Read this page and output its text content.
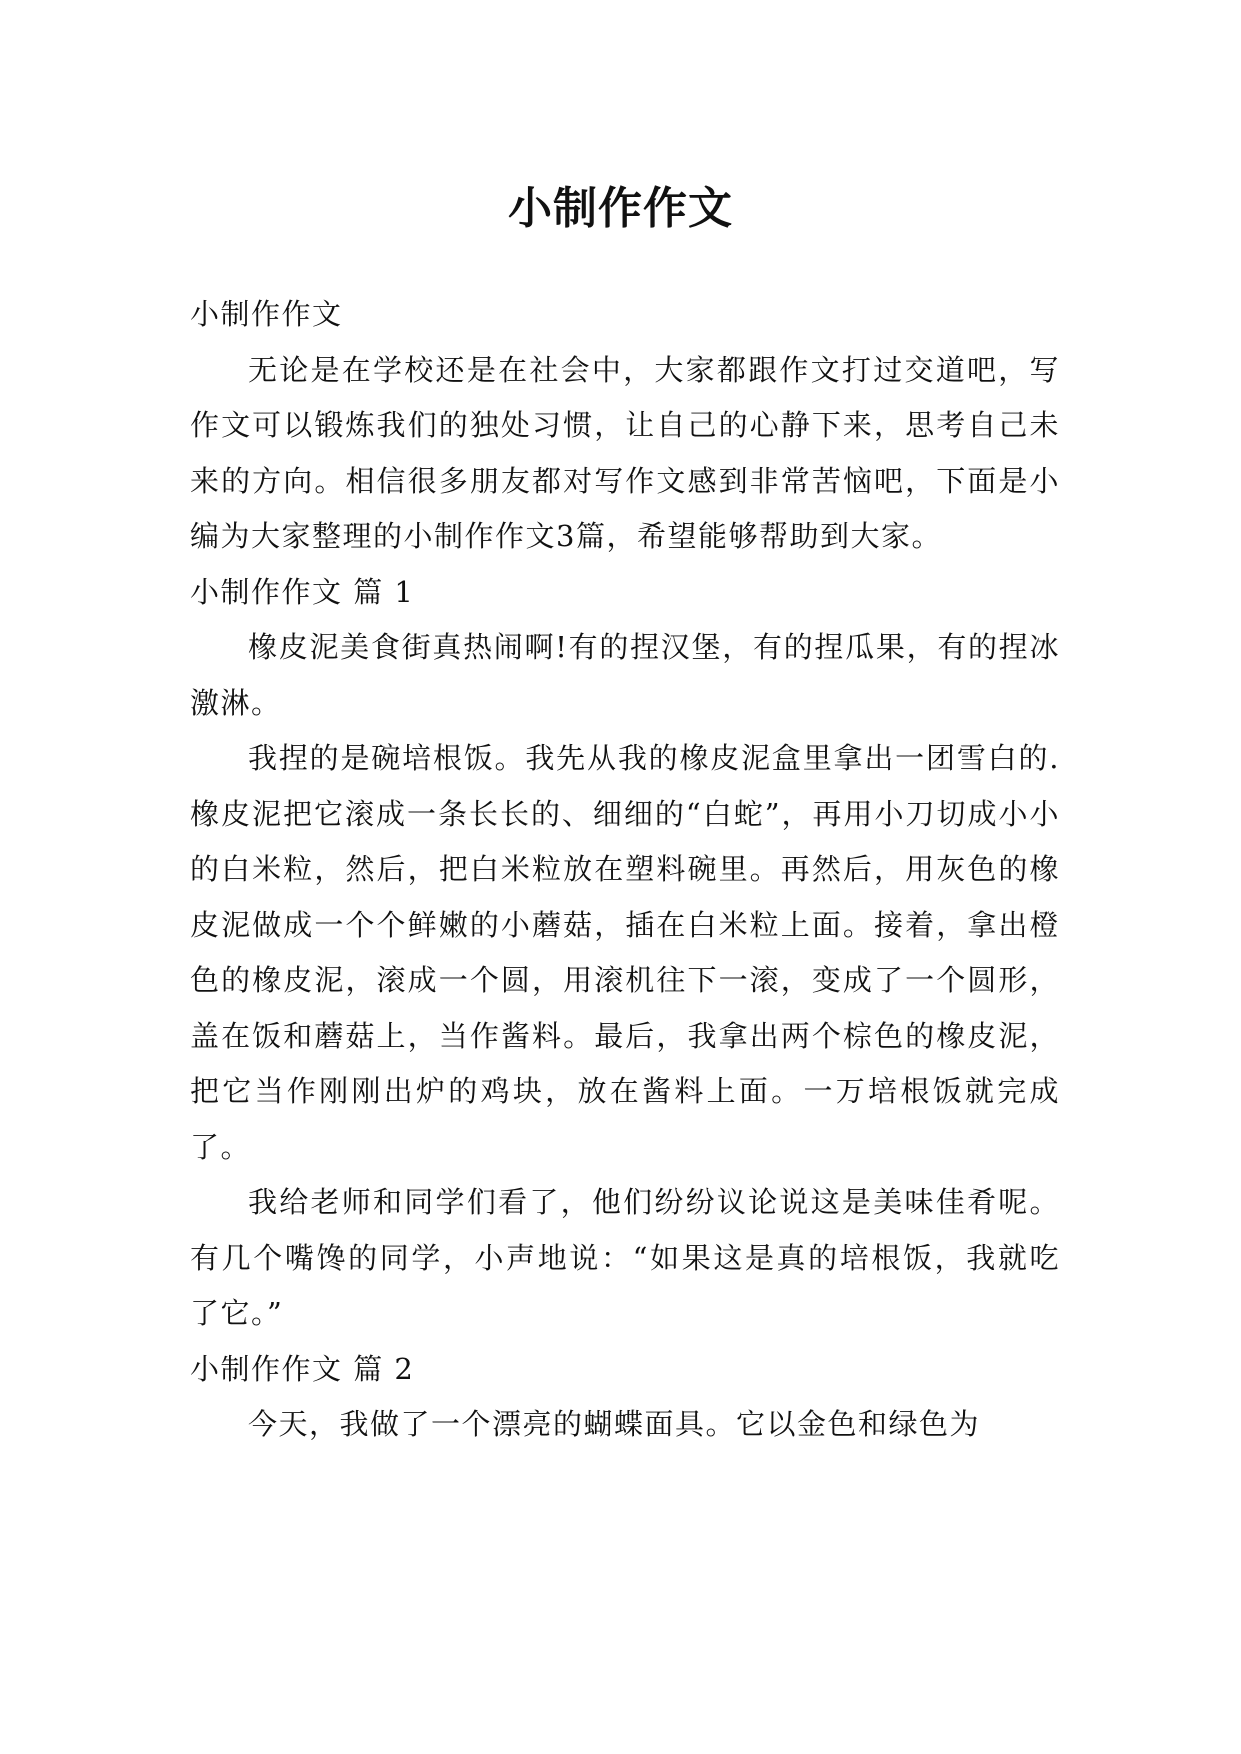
小制作作文

小制作作文

无论是在学校还是在社会中，大家都跟作文打过交道吧，写作文可以锻炼我们的独处习惯，让自己的心静下来，思考自己未来的方向。相信很多朋友都对写作文感到非常苦恼吧，下面是小编为大家整理的小制作作文3篇，希望能够帮助到大家。

小制作作文 篇 1

橡皮泥美食街真热闹啊!有的捏汉堡，有的捏瓜果，有的捏冰激淋。

我捏的是碗培根饭。我先从我的橡皮泥盒里拿出一团雪白的.橡皮泥把它滚成一条长长的、细细的“白蛇”，再用小刀切成小小的白米粒，然后，把白米粒放在塑料碗里。再然后，用灰色的橡皮泥做成一个个鲜嫩的小蘑菇，插在白米粒上面。接着，拿出橙色的橡皮泥，滚成一个圆，用滚机往下一滚，变成了一个圆形，盖在饭和蘑菇上，当作酱料。最后，我拿出两个棕色的橡皮泥，把它当作刚刚出炉的鸡块，放在酱料上面。一万培根饭就完成了。

我给老师和同学们看了，他们纷纷议论说这是美味佳肴呢。有几个嘴馋的同学，小声地说：“如果这是真的培根饭，我就吃了它。”

小制作作文 篇 2

今天，我做了一个漂亮的蝴蝶面具。它以金色和绿色为
